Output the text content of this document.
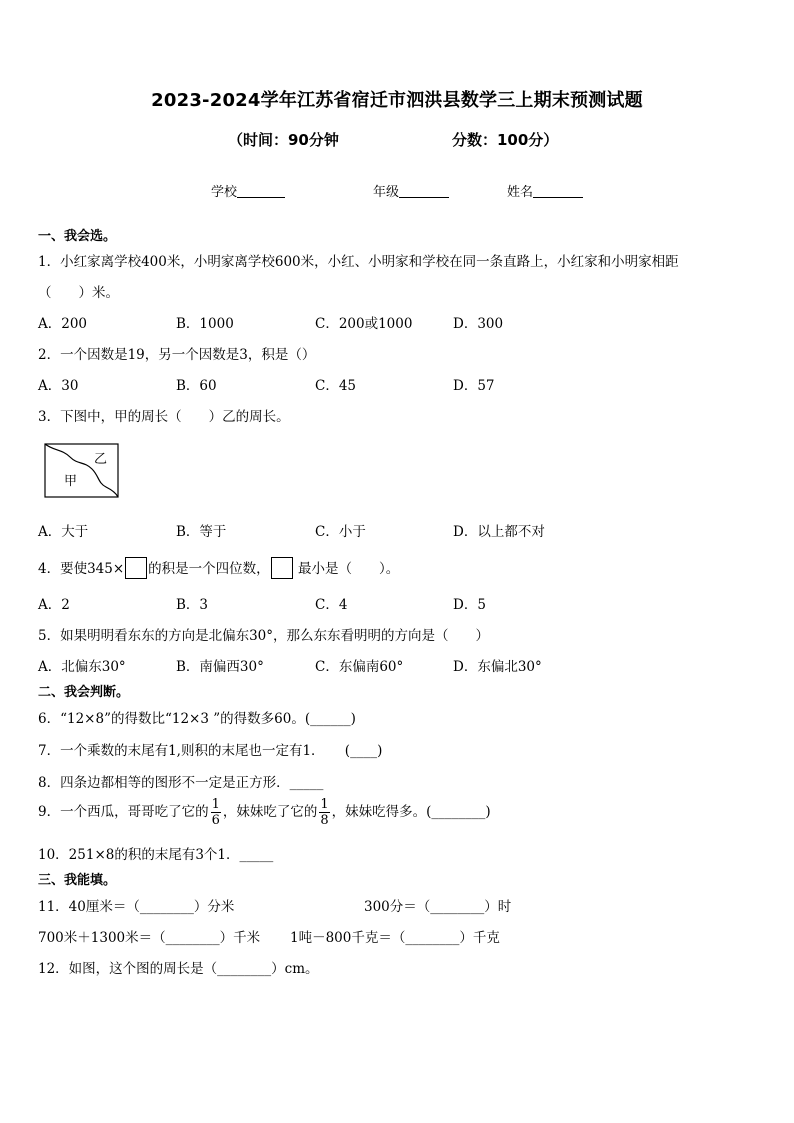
2023-2024学年江苏省宿迁市泗洪县数学三上期末预测试题
（时间：90分钟	分数：100分）
学校	年级	姓名
一、我会选。
1．小红家离学校400米，小明家离学校600米，小红、小明家和学校在同一条直路上，小红家和小明家相距
（　　）米。
A．200	B．1000	C．200或1000	D．300
2．一个因数是19，另一个因数是3，积是（）
A．30	B．60	C．45	D．57
3．下图中，甲的周长（　　）乙的周长。
甲
乙
A．大于	B．等于	C．小于	D．以上都不对
4．要使345× 的积是一个四位数， 最小是（　　）。
A．2	B．3	C．4	D．5
5．如果明明看东东的方向是北偏东30°，那么东东看明明的方向是（　　）
A．北偏东30°	B．南偏西30°	C．东偏南60°	D．东偏北30°
二、我会判断。
6．“12×8”的得数比“12×3 ”的得数多60。(______)
7．一个乘数的末尾有1,则积的末尾也一定有1．　　(____)
8．四条边都相等的图形不一定是正方形．_____
9．一个西瓜，哥哥吃了它的 $\frac{1}{6}$ ，妹妹吃了它的 $\frac{1}{8}$ ，妹妹吃得多。(________)
10．251×8的积的末尾有3个1．_____
三、我能填。
11．40厘米＝（________）分米	300分＝（________）时
700米＋1300米＝（________）千米 1吨－800千克＝（________）千克
12．如图，这个图的周长是（________）cm。
